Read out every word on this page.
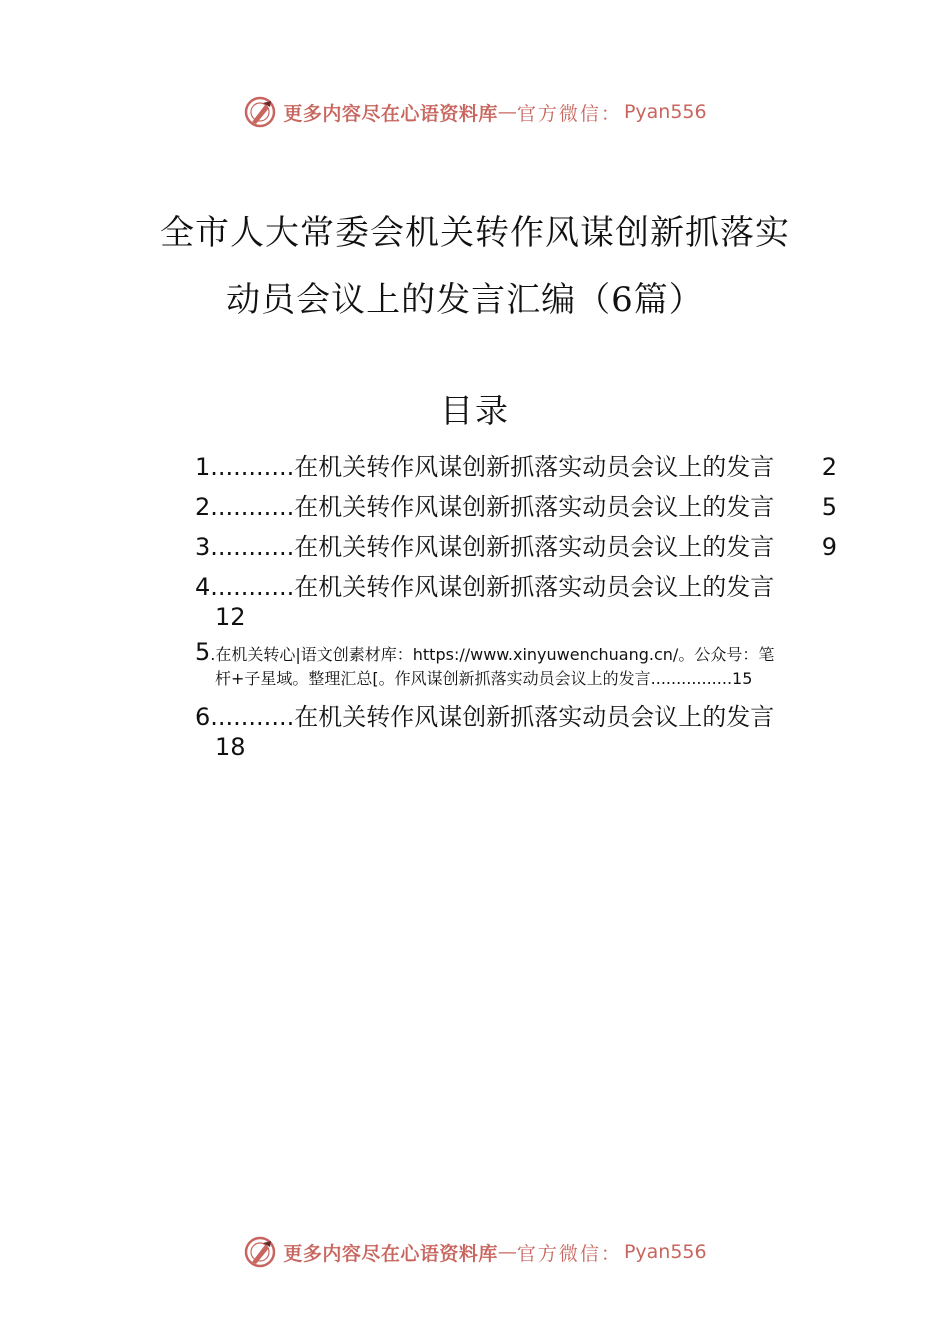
更多内容尽在心语资料库 — 官方微信： Pyan556
全市人大常委会机关转作风谋创新抓落实
动员会议上的发言汇编（6篇）
目录
1...........在机关转作风谋创新抓落实动员会议上的发言 2
2...........在机关转作风谋创新抓落实动员会议上的发言 5
3...........在机关转作风谋创新抓落实动员会议上的发言 9
4...........在机关转作风谋创新抓落实动员会议上的发言
12
5.在机关转心|语文创素材库：https://www.xinyuwenchuang.cn/。公众号：笔
杆+子星域。整理汇总[。作风谋创新抓落实动员会议上的发言................15
6...........在机关转作风谋创新抓落实动员会议上的发言
18
更多内容尽在心语资料库 — 官方微信： Pyan556
